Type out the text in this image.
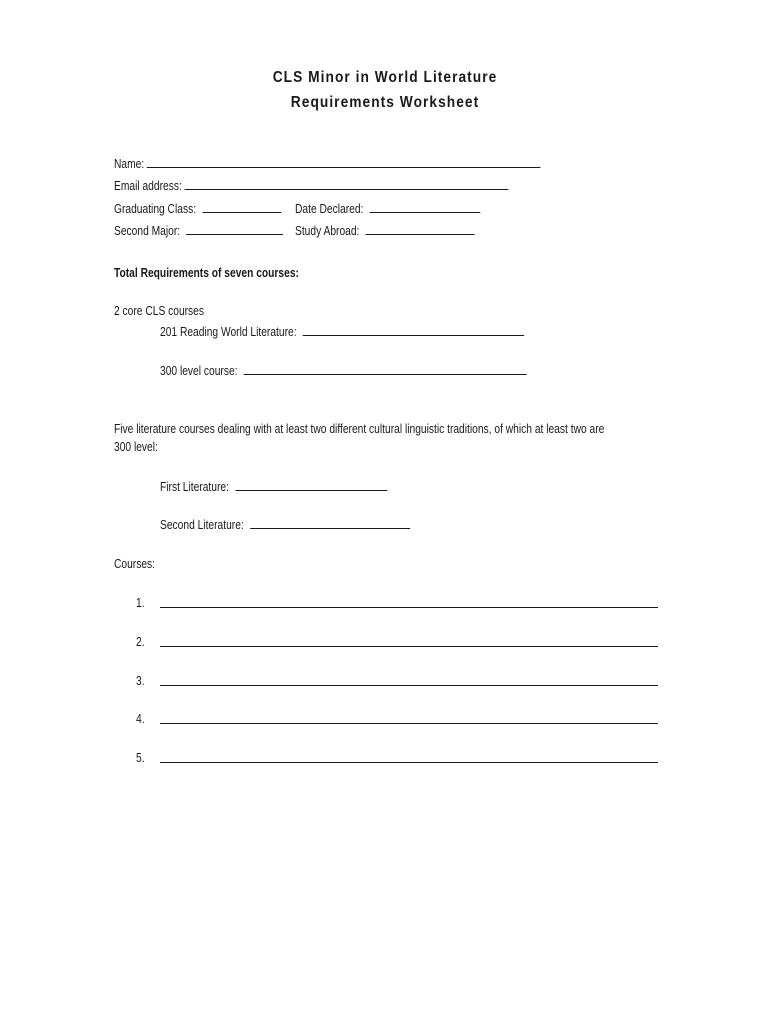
CLS Minor in World Literature
Requirements Worksheet
Name:
Email address:
Graduating Class:	Date Declared:
Second Major:	Study Abroad:
Total Requirements of seven courses:
2 core CLS courses
201 Reading World Literature:
300 level course:
Five literature courses dealing with at least two different cultural linguistic traditions, of which at least two are
300 level:
First Literature:
Second Literature:
Courses:
1.
2.
3.
4.
5.
